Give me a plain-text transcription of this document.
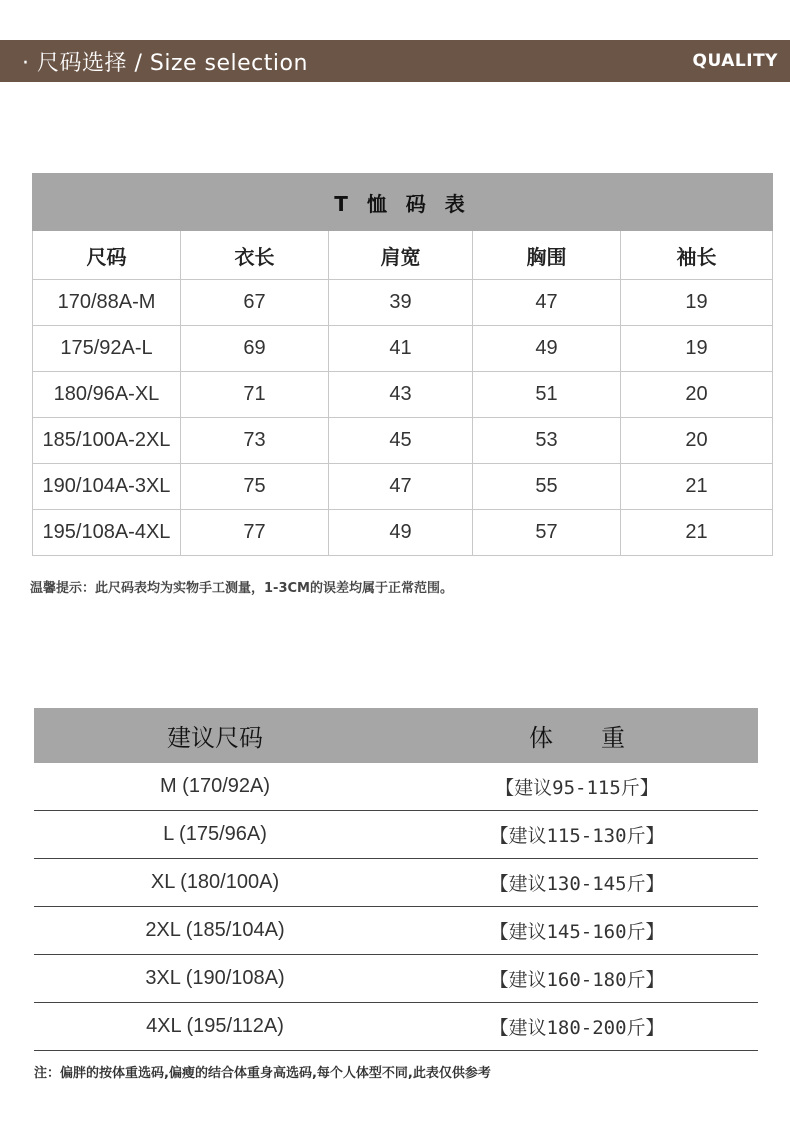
· 尺码选择 / Size selection	QUALITY
T 恤 码 表				
尺码	衣长	肩宽	胸围	袖长
170/88A-M	67	39	47	19
175/92A-L	69	41	49	19
180/96A-XL	71	43	51	20
185/100A-2XL	73	45	53	20
190/104A-3XL	75	47	55	21
195/108A-4XL	77	49	57	21
温馨提示：此尺码表均为实物手工测量，1-3CM的误差均属于正常范围。
建议尺码	体　　重
M (170/92A)	【建议95-115斤】
L (175/96A)	【建议115-130斤】
XL (180/100A)	【建议130-145斤】
2XL (185/104A)	【建议145-160斤】
3XL (190/108A)	【建议160-180斤】
4XL (195/112A)	【建议180-200斤】
注：偏胖的按体重选码,偏瘦的结合体重身高选码,每个人体型不同,此表仅供参考
